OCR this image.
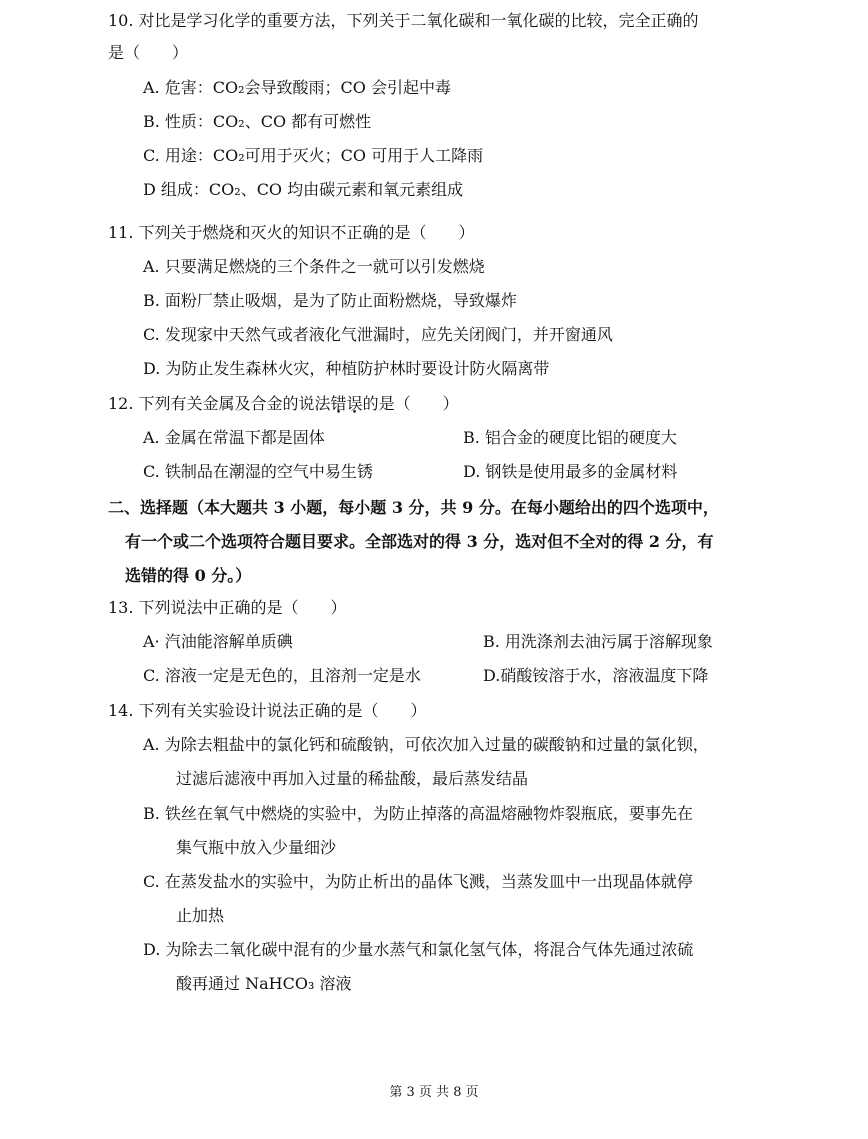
10. 对比是学习化学的重要方法，下列关于二氧化碳和一氧化碳的比较，完全正确的
是（　　）
A. 危害：CO₂会导致酸雨；CO 会引起中毒
B. 性质：CO₂、CO 都有可燃性
C. 用途：CO₂可用于灭火；CO 可用于人工降雨
D 组成：CO₂、CO 均由碳元素和氧元素组成
11. 下列关于燃烧和灭火的知识不正确的是（　　）
A. 只要满足燃烧的三个条件之一就可以引发燃烧
B. 面粉厂禁止吸烟，是为了防止面粉燃烧，导致爆炸
C. 发现家中天然气或者液化气泄漏时，应先关闭阀门，并开窗通风
D. 为防止发生森林火灾，种植防护林时要设计防火隔离带
12. 下列有关金属及合金的说法错误的是（　　）
A. 金属在常温下都是固体	B. 铝合金的硬度比铝的硬度大
C. 铁制品在潮湿的空气中易生锈	D. 钢铁是使用最多的金属材料
二、选择题（本大题共 3 小题，每小题 3 分，共 9 分。在每小题给出的四个选项中，
有一个或二个选项符合题目要求。全部选对的得 3 分，选对但不全对的得 2 分，有
选错的得 0 分。）
13. 下列说法中正确的是（　　）
A· 汽油能溶解单质碘	B. 用洗涤剂去油污属于溶解现象
C. 溶液一定是无色的，且溶剂一定是水	D.硝酸铵溶于水，溶液温度下降
14. 下列有关实验设计说法正确的是（　　）
A. 为除去粗盐中的氯化钙和硫酸钠，可依次加入过量的碳酸钠和过量的氯化钡，
过滤后滤液中再加入过量的稀盐酸，最后蒸发结晶
B. 铁丝在氧气中燃烧的实验中，为防止掉落的高温熔融物炸裂瓶底，要事先在
集气瓶中放入少量细沙
C. 在蒸发盐水的实验中，为防止析出的晶体飞溅，当蒸发皿中一出现晶体就停
止加热
D. 为除去二氧化碳中混有的少量水蒸气和氯化氢气体，将混合气体先通过浓硫
酸再通过 NaHCO₃ 溶液
第 3 页 共 8 页
